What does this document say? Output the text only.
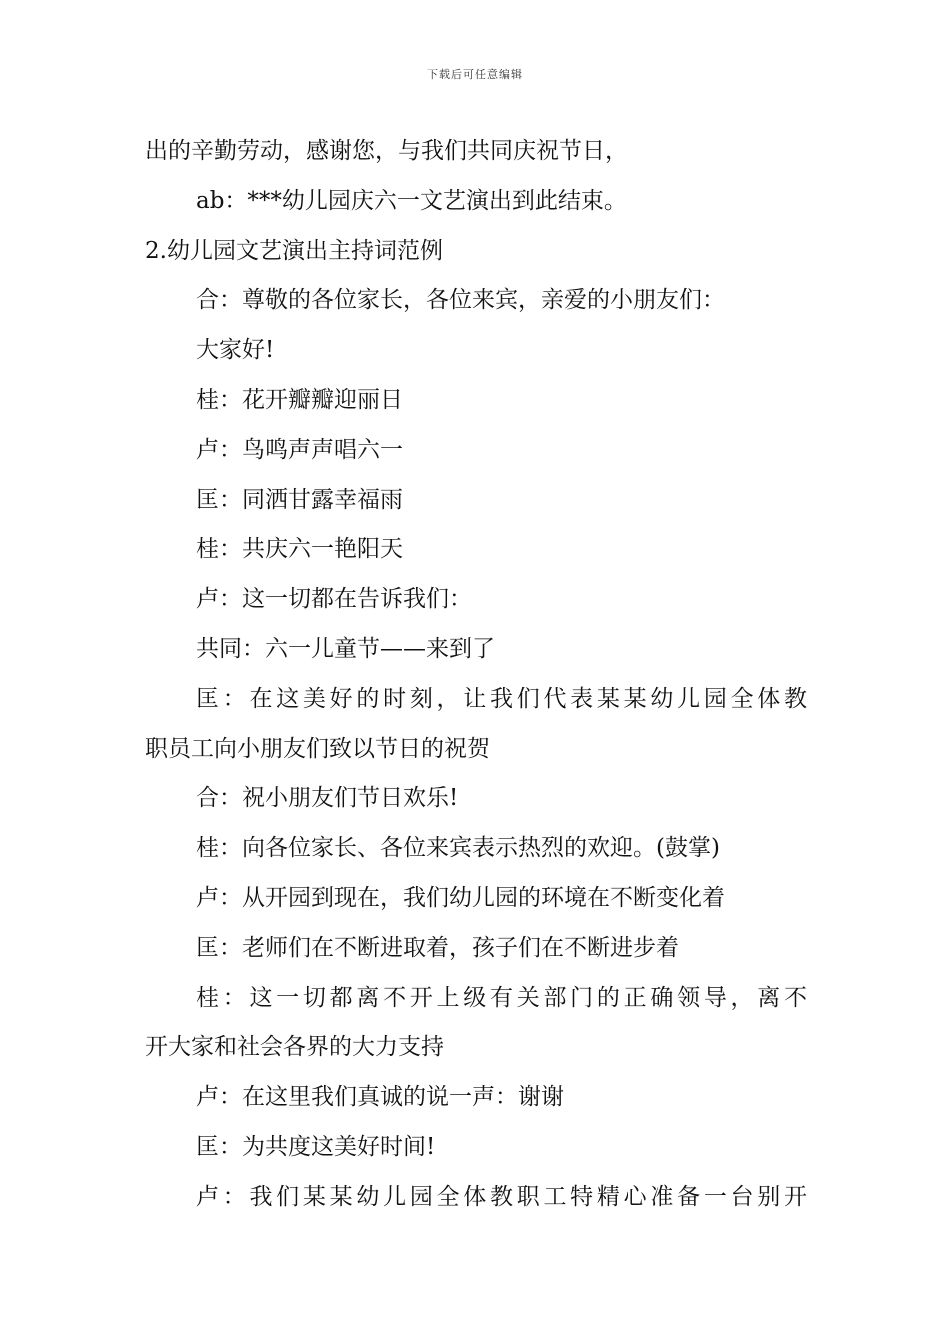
下载后可任意编辑
出的辛勤劳动，感谢您，与我们共同庆祝节日，
ab：***幼儿园庆六一文艺演出到此结束。
2.幼儿园文艺演出主持词范例
合：尊敬的各位家长，各位来宾，亲爱的小朋友们：
大家好!
桂：花开瓣瓣迎丽日
卢：鸟鸣声声唱六一
匡：同洒甘露幸福雨
桂：共庆六一艳阳天
卢：这一切都在告诉我们：
共同：六一儿童节——来到了
匡：在这美好的时刻，让我们代表某某幼儿园全体教
职员工向小朋友们致以节日的祝贺
合：祝小朋友们节日欢乐!
桂：向各位家长、各位来宾表示热烈的欢迎。(鼓掌)
卢：从开园到现在，我们幼儿园的环境在不断变化着
匡：老师们在不断进取着，孩子们在不断进步着
桂：这一切都离不开上级有关部门的正确领导，离不
开大家和社会各界的大力支持
卢：在这里我们真诚的说一声：谢谢
匡：为共度这美好时间!
卢：我们某某幼儿园全体教职工特精心准备一台别开
